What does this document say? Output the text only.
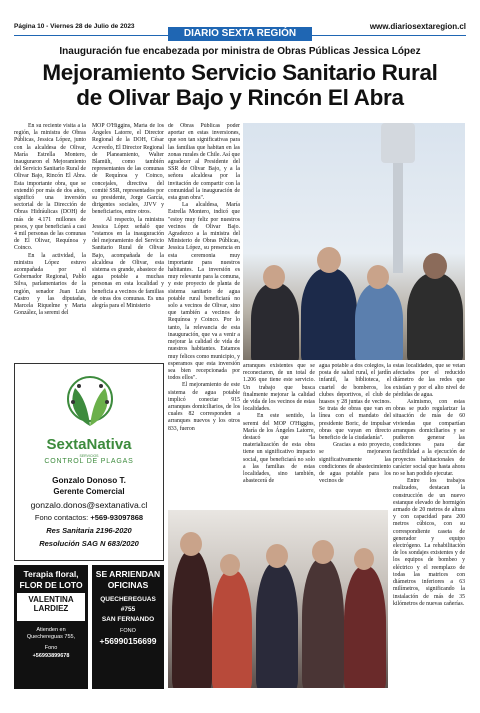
Página 10 - Viernes 28 de Julio de 2023	www.diariosextaregion.cl
DIARIO SEXTA REGIÓN
Inauguración fue encabezada por ministra de Obras Públicas Jessica López
Mejoramiento Servicio Sanitario Rural
de Olivar Bajo y Rincón El Abra

En su reciente visita a la región, la ministra de Obras Públicas, Jessica López, junto con la alcaldesa de Olivar, María Estrella Montero, inauguraron el Mejoramiento del Servicio Sanitario Rural de Olivar Bajo, Rincón El Abra. Esta importante obra, que se extendió por más de dos años, significó una inversión sectorial de la Dirección de Obras Hidráulicas (DOH) de más de 4.171 millones de pesos, y que beneficiará a casi 4 mil personas de las comunas de El Olivar, Requínoa y Coinco.

En la actividad, la ministra López estuvo acompañada por el Gobernador Regional, Pablo Silva, parlamentarios de la región, senador Juan Luis Castro y las diputadas, Marcela Riquelme y Marta González, la seremi del

MOP O'Higgins, María de los Ángeles Latorre, el Director Regional de la DOH, César Acevedo, El Director Regional de Planeamiento, Walter Blamüh, como también representantes de las comunas de Requínoa y Coinco, concejales, directiva del comité SSR, representados por su presidente, Jorge García, dirigentes sociales, JJVV y beneficiarios, entre otros.

Al respecto, la ministra Jessica López señaló que "estamos en la inauguración del mejoramiento del Servicio Sanitario Rural de Olivar Bajo, acompañada de la alcaldesa de Olivar, esta sistema es grande, abastece de agua potable a muchas personas en esta localidad y beneficia a vecinos de familias de otras dos comunas. Es una alegría para el Ministerio

de Obras Públicas poder aportar en estas inversiones, que son tan significativas para las familias que habitan en las zonas rurales de Chile. Así que agradecer al Presidente del SSR de Olivar Bajo, y a la señora alcaldesa por la invitación de compartir con la comunidad la inauguración de esta gran obra".

La alcaldesa, María Estrella Montero, indicó que "estoy muy feliz por nuestros vecinos de Olivar Bajo. Agradezco a la ministra del Ministerio de Obras Públicas, Jessica López, su presencia en esta ceremonia muy importante para nuestros habitantes. La inversión es muy relevante para la comuna, y este proyecto de planta de sistema sanitario de agua potable rural beneficiará no solo a vecinos de Olivar, sino que también a vecinos de Requínoa y Coinco. Por lo tanto, la relevancia de esta inauguración, que va a venir a mejorar la calidad de vida de nuestros habitantes. Estamos muy felices como municipio, y esperamos que esta inversión sea bien recepcionada por todos ellos".

El mejoramiento de este sistema de agua potable implicó conectar 915 arranques domiciliarios, de los cuales 82 corresponden a arranques nuevos y los otros 833, fueron

arranques existentes que se reconectaron, de un total de 1.206 que tiene este servicio. Un trabajo que busca finalmente mejorar la calidad de vida de los vecinos de estas localidades.

En este sentido, la seremi del MOP O'Higgins, María de los Ángeles Latorre, destacó que "la materialización de esta obra tiene un significativo impacto social, que beneficiará no solo a las familias de estas localidades, sino también, abastecerá de

agua potable a dos colegios, la posta de salud rural, el jardín infantil, la biblioteca, el cuartel de bomberos, los clubes deportivos, el club de huasos y 28 juntas de vecinos. Se trata de obras que van en línea con el mandato del presidente Boric, de impulsar obras que vayan en directo beneficio de la ciudadanía".

Gracias a esto proyecto, se mejoraron significativamente las condiciones de abastecimiento de agua potable para los vecinos de

estas localidades, que se veían afectados por el reducido diámetro de las redes que existían y por el alto nivel de pérdidas de agua.

Asimismo, con estas obras se pudo regularizar la situación de más de 60 viviendas que compartían arranques domiciliarios y se pudieron generar las condiciones para dar factibilidad a la ejecución de proyectos habitacionales de carácter social que hasta ahora no se han podido ejecutar.

Entre los trabajos realizados, destacan la construcción de un nuevo estanque elevado de hormigón armado de 20 metros de altura y con capacidad para 200 metros cúbicos, con su correspondiente caseta de generador y equipo electrógeno. La rehabilitación de los sondajes existentes y de los equipos de bombeo y eléctrico y el reemplazo de todas las matrices con diámetros inferiores a 63 milímetros, significando la instalación de más de 35 kilómetros de nuevas cañerías.

SextaNativa
SERVICIOS
CONTROL DE PLAGAS
Gonzalo Donoso T.
Gerente Comercial
gonzalo.donos@sextanativa.cl
Fono contactos: +569-93097868
Res Sanitaria 2196-2020
Resolución SAG N 683/2020
Terapia floral,
FLOR DE LOTO
VALENTINA
LARDIEZ
Atienden en Quechereguas 755,
Fono
+56993899678
SE ARRIENDAN
OFICINAS
QUECHEREGUAS
#755
SAN FERNANDO
FONO
+56990156699
